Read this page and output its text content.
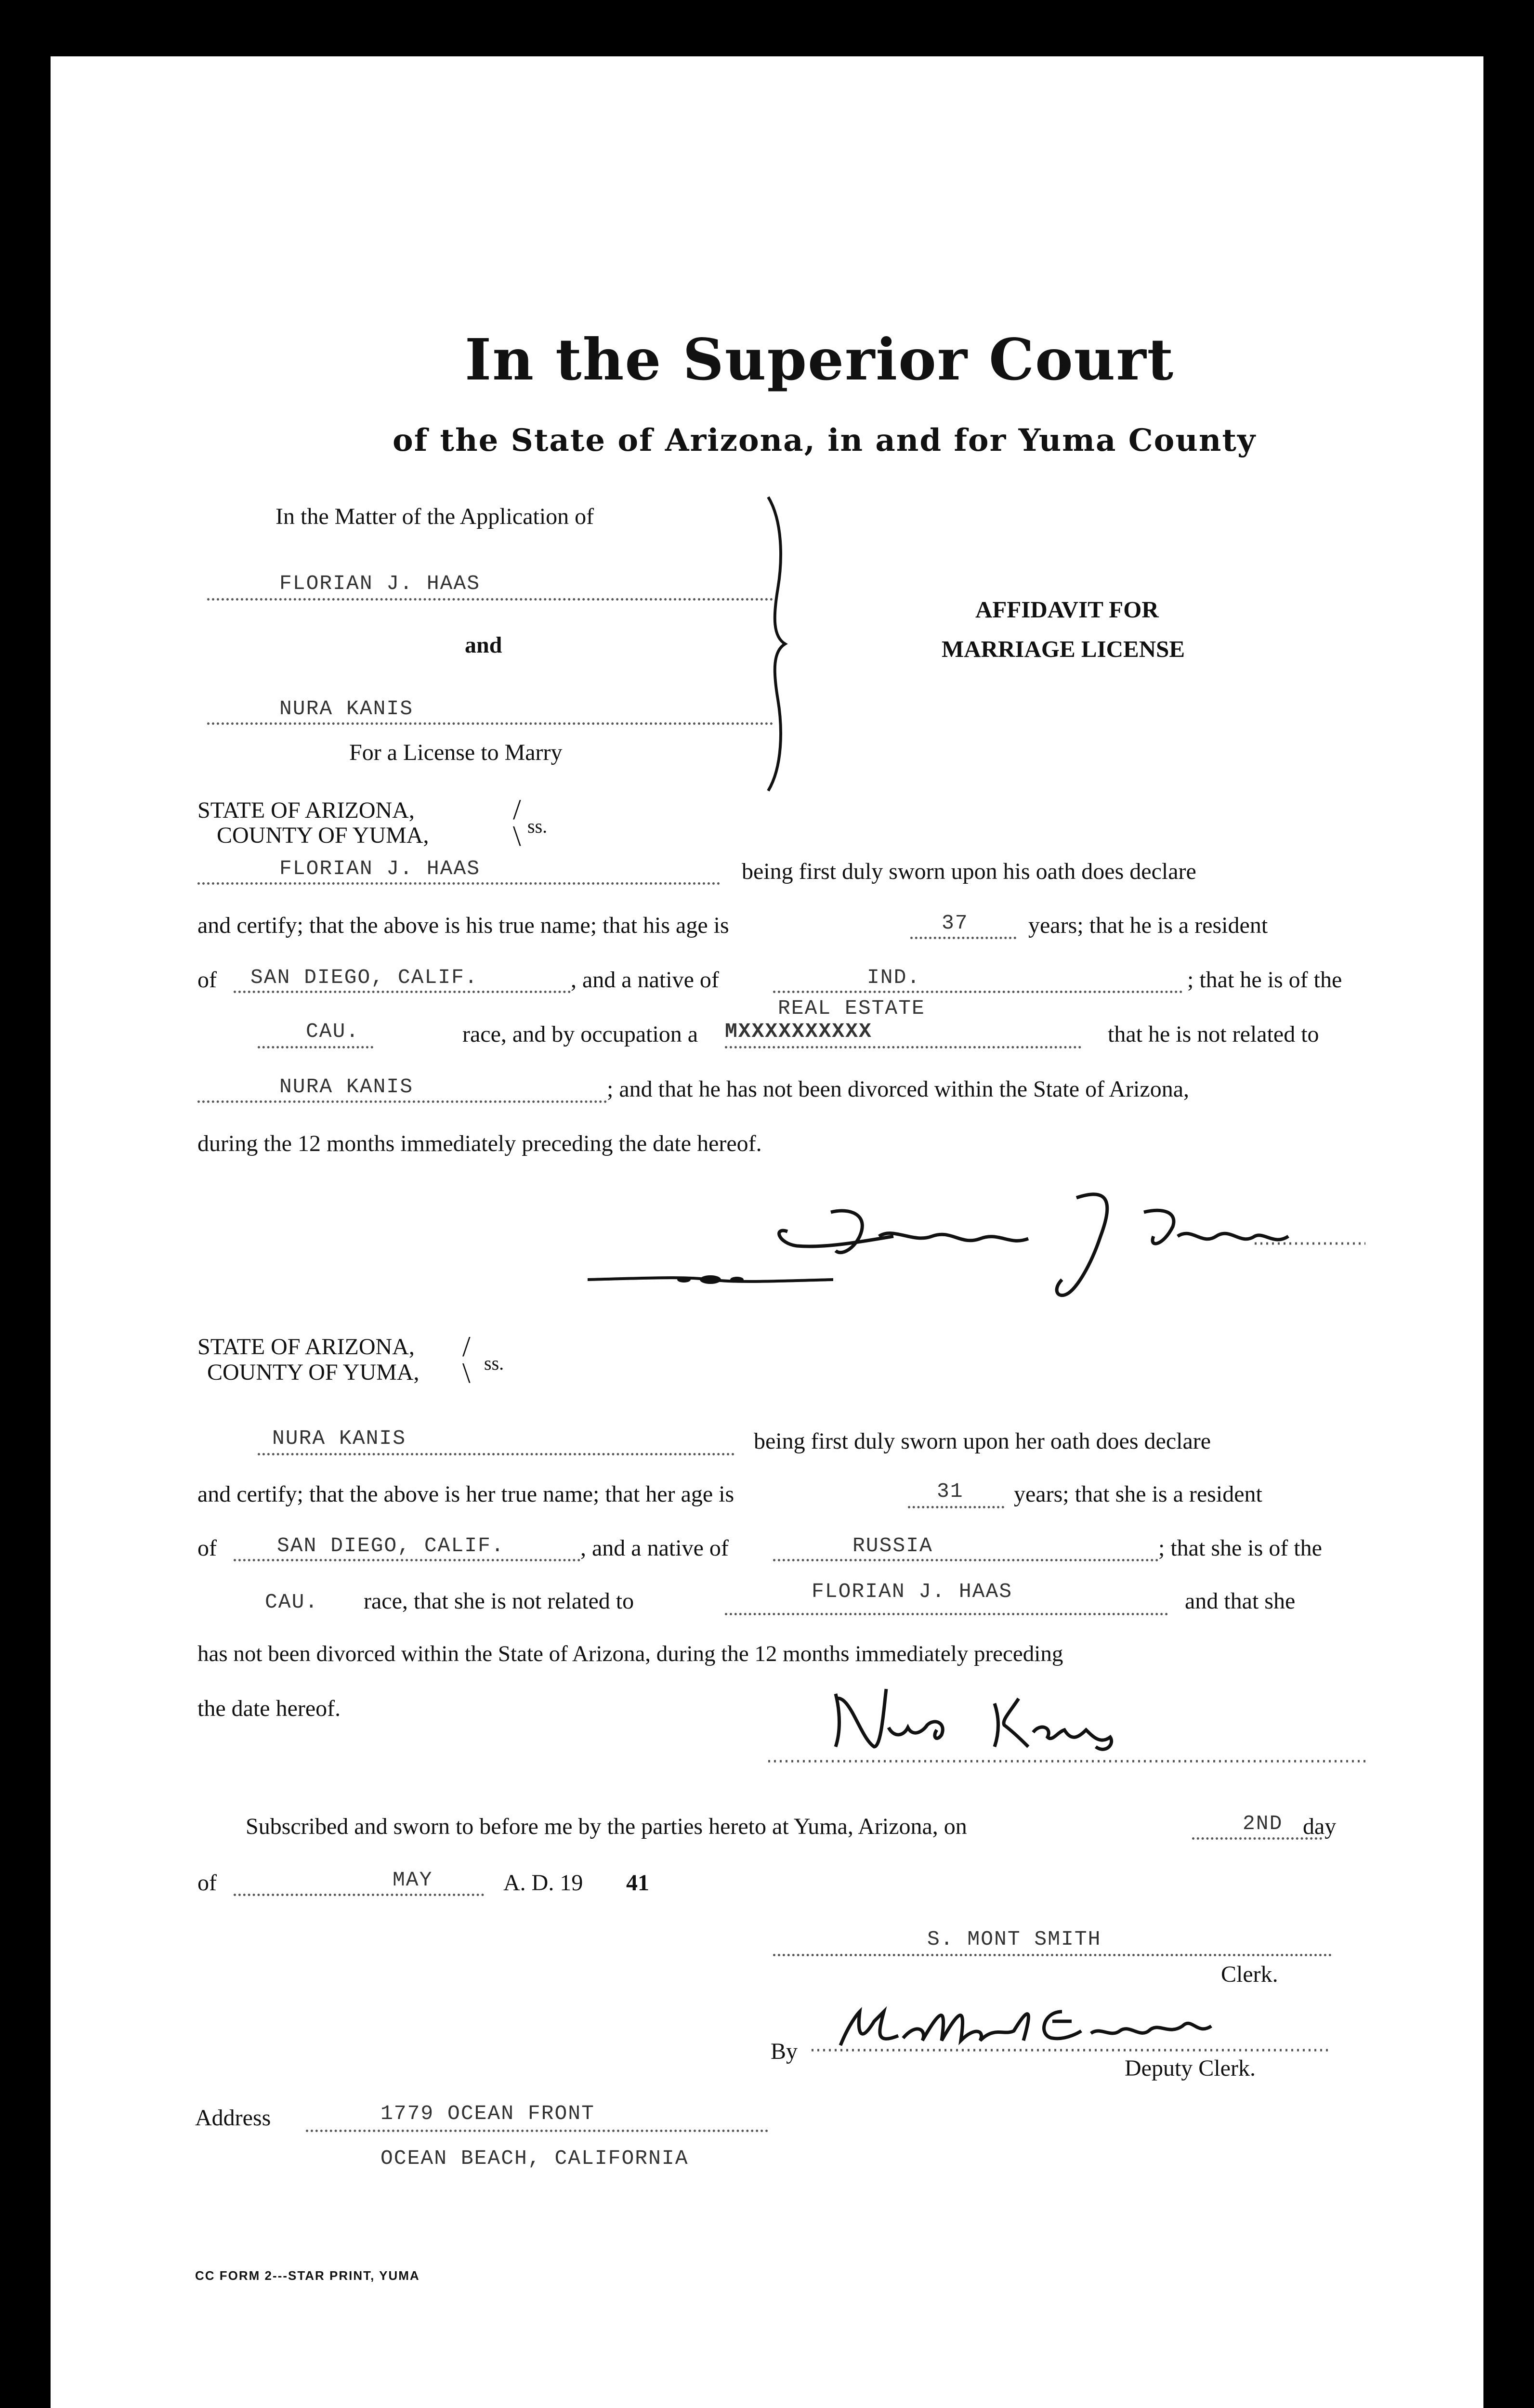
In the Superior Court
of the State of Arizona, in and for Yuma County
In the Matter of the Application of
FLORIAN J. HAAS
and
NURA KANIS
For a License to Marry
AFFIDAVIT FOR
MARRIAGE LICENSE
STATE OF ARIZONA,
COUNTY OF YUMA,
/
\ ss.
FLORIAN J. HAAS	being first duly sworn upon his oath does declare
and certify; that the above is his true name; that his age is	37	years; that he is a resident
of SAN DIEGO, CALIF.	, and a native of	IND.	; that he is of the
CAU.	race, and by occupation a
REAL ESTATE
MXXXXXXXXXX	that he is not related to
NURA KANIS	; and that he has not been divorced within the State of Arizona,
during the 12 months immediately preceding the date hereof.
STATE OF ARIZONA,
COUNTY OF YUMA,
/
\ ss.
NURA KANIS	being first duly sworn upon her oath does declare
and certify; that the above is her true name; that her age is	31 years; that she is a resident
of	SAN DIEGO, CALIF.	, and a native of	RUSSIA	; that she is of the
CAU. race, that she is not related to	FLORIAN J. HAAS	and that she
has not been divorced within the State of Arizona, during the 12 months immediately preceding
the date hereof.
Subscribed and sworn to before me by the parties hereto at Yuma, Arizona, on	2ND day
of	MAY	A. D. 19 41
S. MONT SMITH
Clerk.
By
Deputy Clerk.
Address	1779 OCEAN FRONT
OCEAN BEACH, CALIFORNIA
CC FORM 2---STAR PRINT, YUMA
